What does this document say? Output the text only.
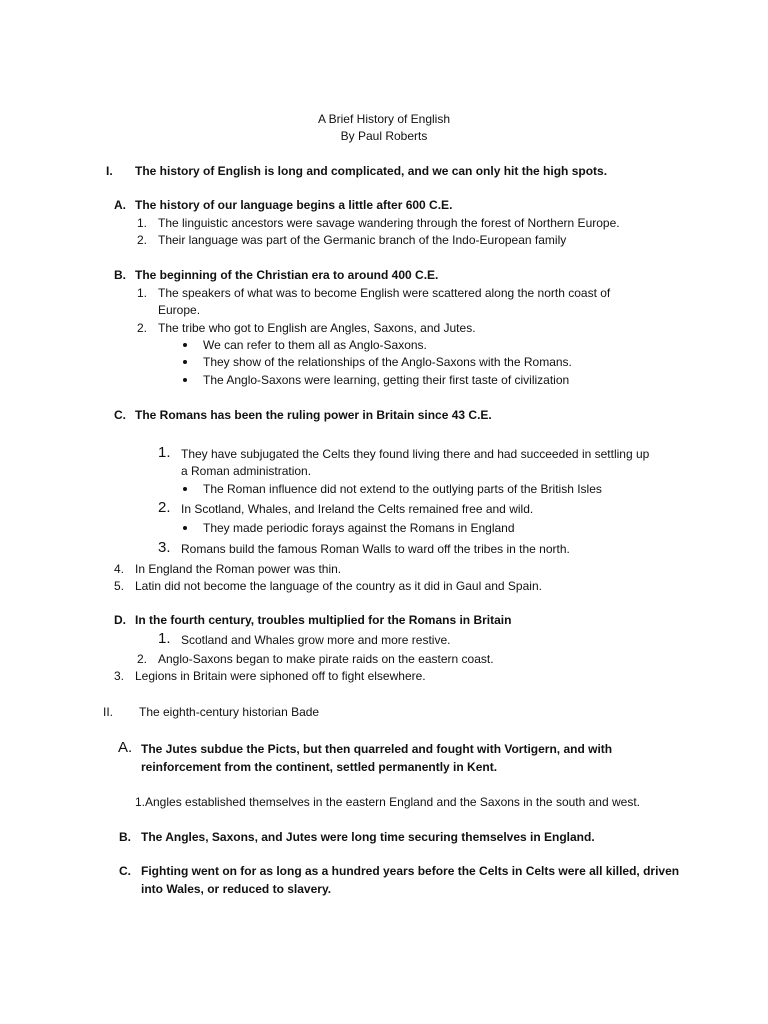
A Brief History of English
By Paul Roberts
I. The history of English is long and complicated, and we can only hit the high spots.
A. The history of our language begins a little after 600 C.E.
1. The linguistic ancestors were savage wandering through the forest of Northern Europe.
2. Their language was part of the Germanic branch of the Indo-European family
B. The beginning of the Christian era to around 400 C.E.
1. The speakers of what was to become English were scattered along the north coast of
Europe.
2. The tribe who got to English are Angles, Saxons, and Jutes.
We can refer to them all as Anglo-Saxons.
They show of the relationships of the Anglo-Saxons with the Romans.
The Anglo-Saxons were learning, getting their first taste of civilization
C. The Romans has been the ruling power in Britain since 43 C.E.
1. They have subjugated the Celts they found living there and had succeeded in settling up
a Roman administration.
The Roman influence did not extend to the outlying parts of the British Isles
2. In Scotland, Whales, and Ireland the Celts remained free and wild.
They made periodic forays against the Romans in England
3. Romans build the famous Roman Walls to ward off the tribes in the north.
4. In England the Roman power was thin.
5. Latin did not become the language of the country as it did in Gaul and Spain.
D. In the fourth century, troubles multiplied for the Romans in Britain
1. Scotland and Whales grow more and more restive.
2. Anglo-Saxons began to make pirate raids on the eastern coast.
3. Legions in Britain were siphoned off to fight elsewhere.
II. The eighth-century historian Bade
A. The Jutes subdue the Picts, but then quarreled and fought with Vortigern, and with
reinforcement from the continent, settled permanently in Kent.
1.Angles established themselves in the eastern England and the Saxons in the south and west.
B. The Angles, Saxons, and Jutes were long time securing themselves in England.
C. Fighting went on for as long as a hundred years before the Celts in Celts were all killed, driven
into Wales, or reduced to slavery.
